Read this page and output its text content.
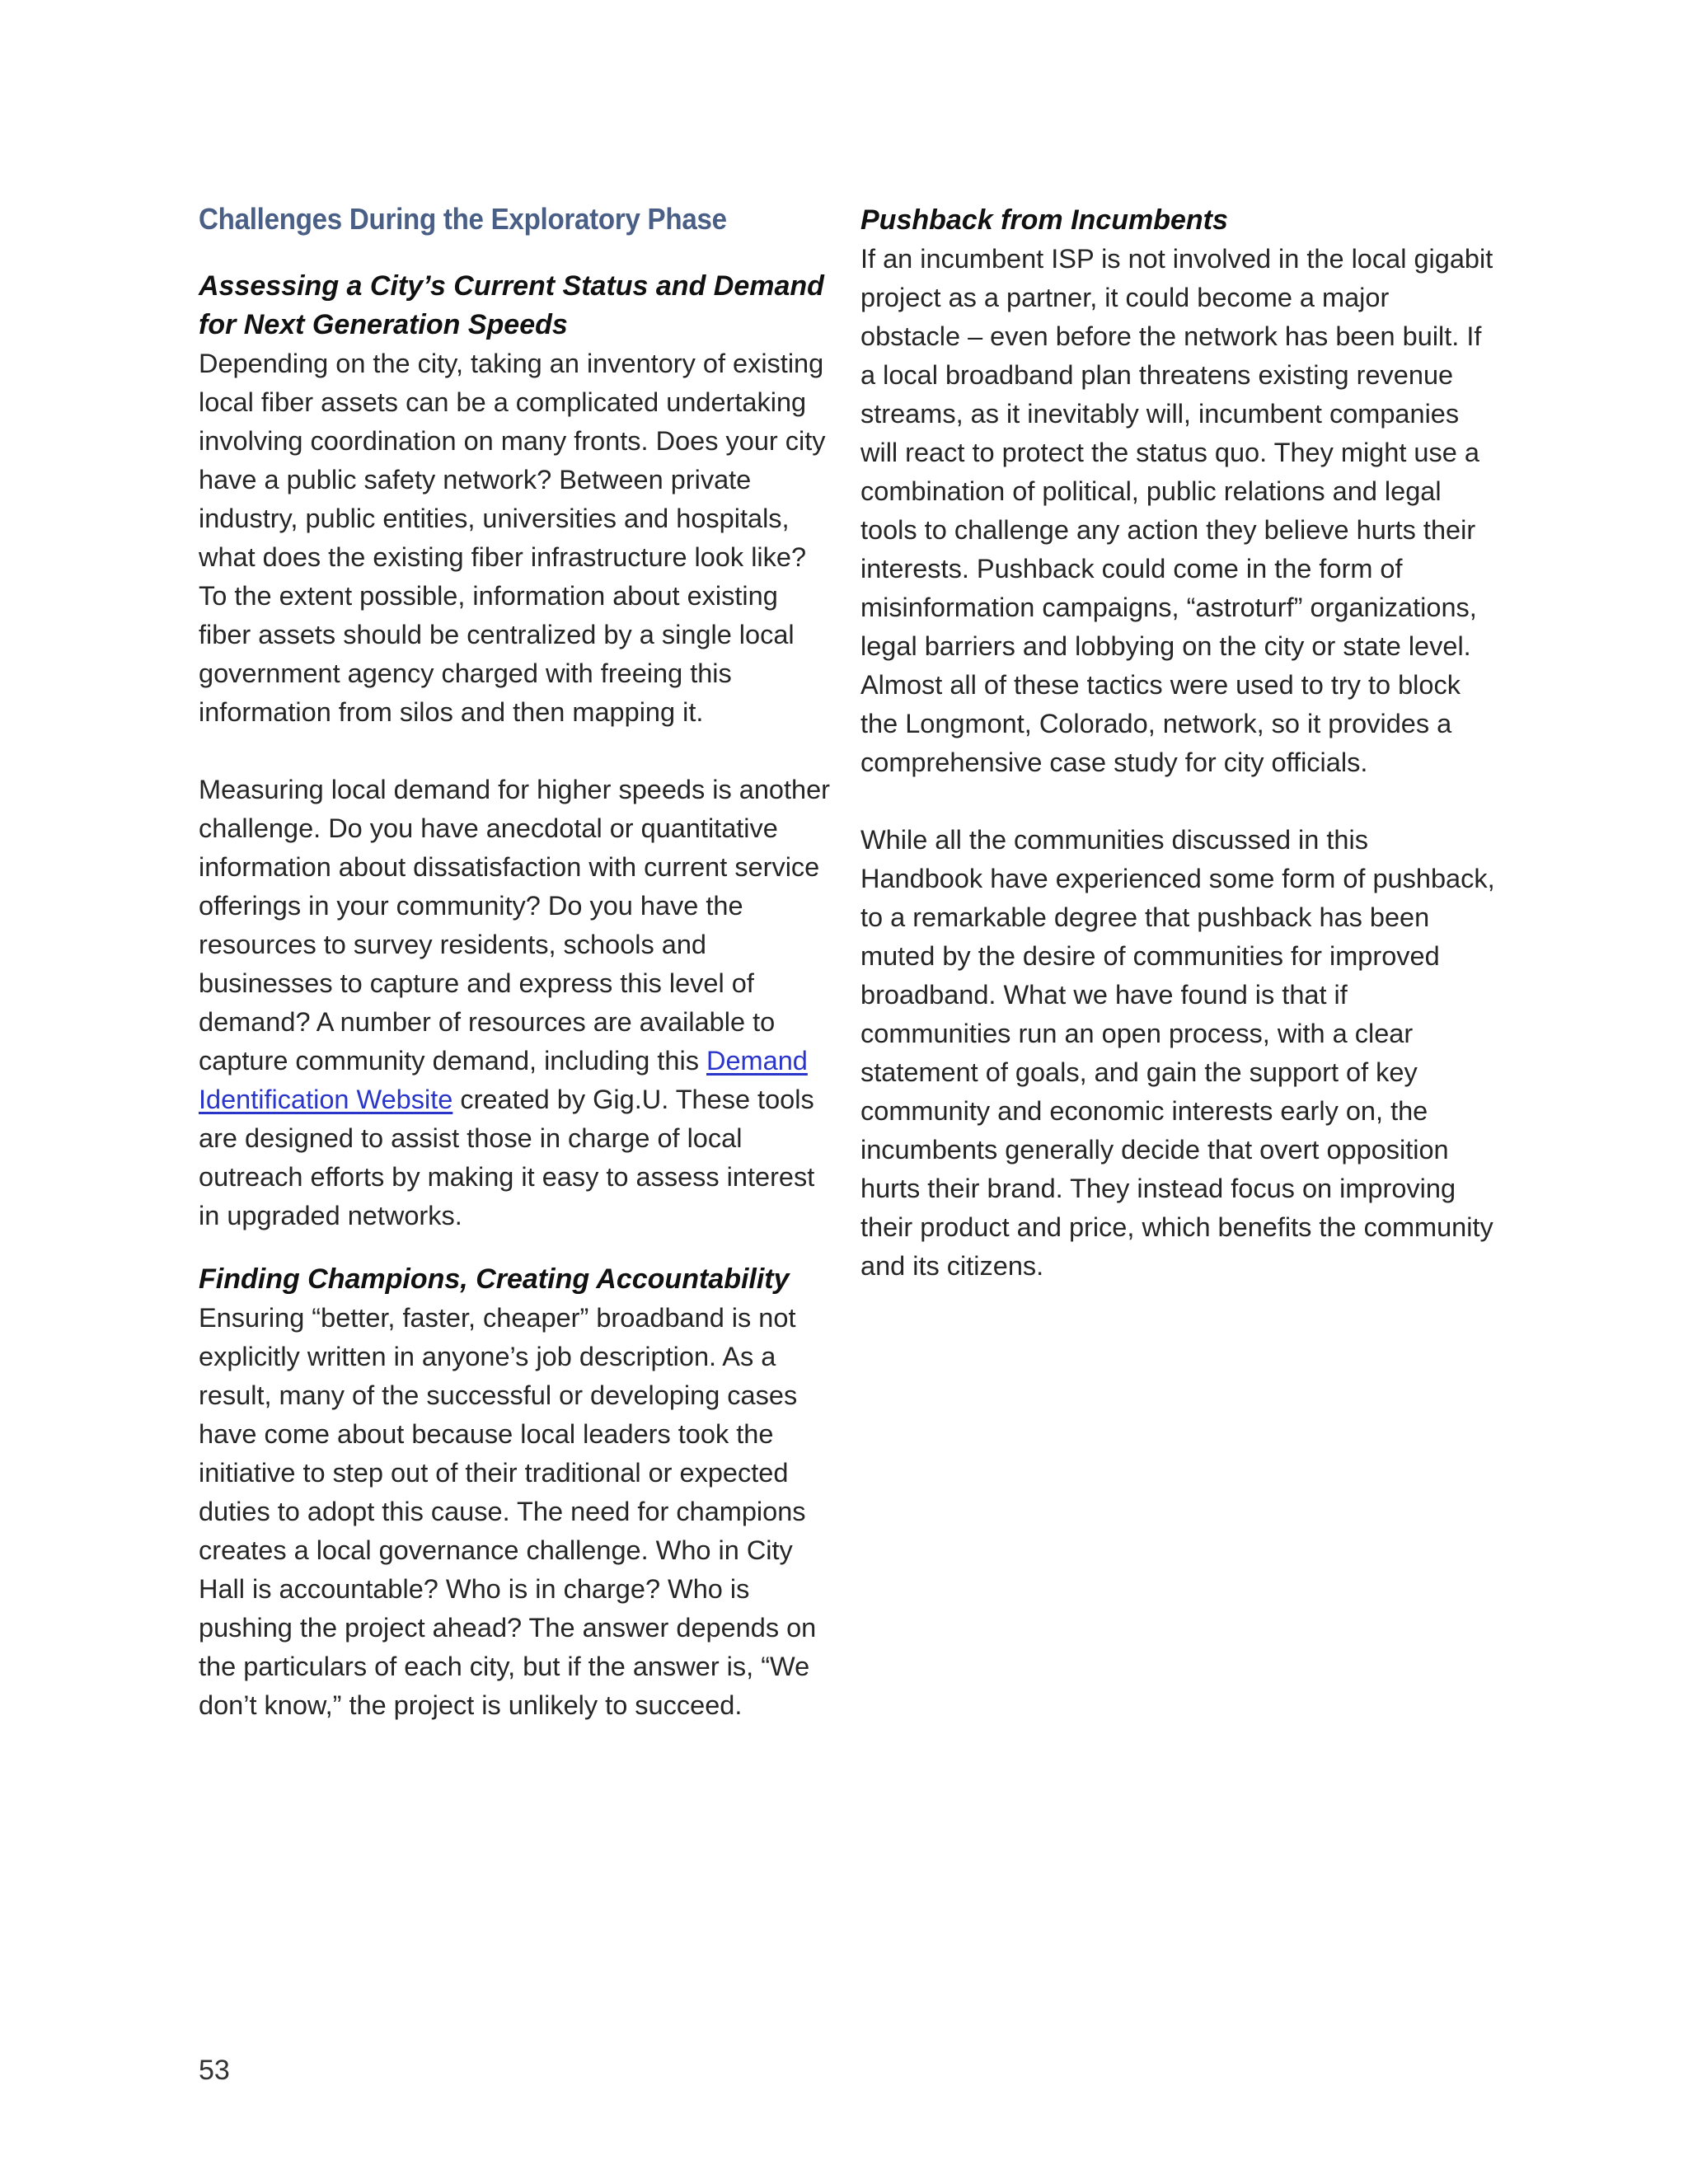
Challenges During the Exploratory Phase

Assessing a City’s Current Status and Demand for Next Generation Speeds

Depending on the city, taking an inventory of existing local fiber assets can be a complicated undertaking involving coordination on many fronts. Does your city have a public safety network? Between private industry, public entities, universities and hospitals, what does the existing fiber infrastructure look like? To the extent possible, information about existing fiber assets should be centralized by a single local government agency charged with freeing this information from silos and then mapping it.

Measuring local demand for higher speeds is another challenge. Do you have anecdotal or quantitative information about dissatisfaction with current service offerings in your community? Do you have the resources to survey residents, schools and businesses to capture and express this level of demand? A number of resources are available to capture community demand, including this Demand Identification Website created by Gig.U. These tools are designed to assist those in charge of local outreach efforts by making it easy to assess interest in upgraded networks.

Finding Champions, Creating Accountability

Ensuring “better, faster, cheaper” broadband is not explicitly written in anyone’s job description. As a result, many of the successful or developing cases have come about because local leaders took the initiative to step out of their traditional or expected duties to adopt this cause. The need for champions creates a local governance challenge. Who in City Hall is accountable? Who is in charge? Who is pushing the project ahead? The answer depends on the particulars of each city, but if the answer is, “We don’t know,” the project is unlikely to succeed.

Pushback from Incumbents

If an incumbent ISP is not involved in the local gigabit project as a partner, it could become a major obstacle – even before the network has been built. If a local broadband plan threatens existing revenue streams, as it inevitably will, incumbent companies will react to protect the status quo. They might use a combination of political, public relations and legal tools to challenge any action they believe hurts their interests. Pushback could come in the form of misinformation campaigns, “astroturf” organizations, legal barriers and lobbying on the city or state level. Almost all of these tactics were used to try to block the Longmont, Colorado, network, so it provides a comprehensive case study for city officials.

While all the communities discussed in this Handbook have experienced some form of pushback, to a remarkable degree that pushback has been muted by the desire of communities for improved broadband. What we have found is that if communities run an open process, with a clear statement of goals, and gain the support of key community and economic interests early on, the incumbents generally decide that overt opposition hurts their brand. They instead focus on improving their product and price, which benefits the community and its citizens.

53
